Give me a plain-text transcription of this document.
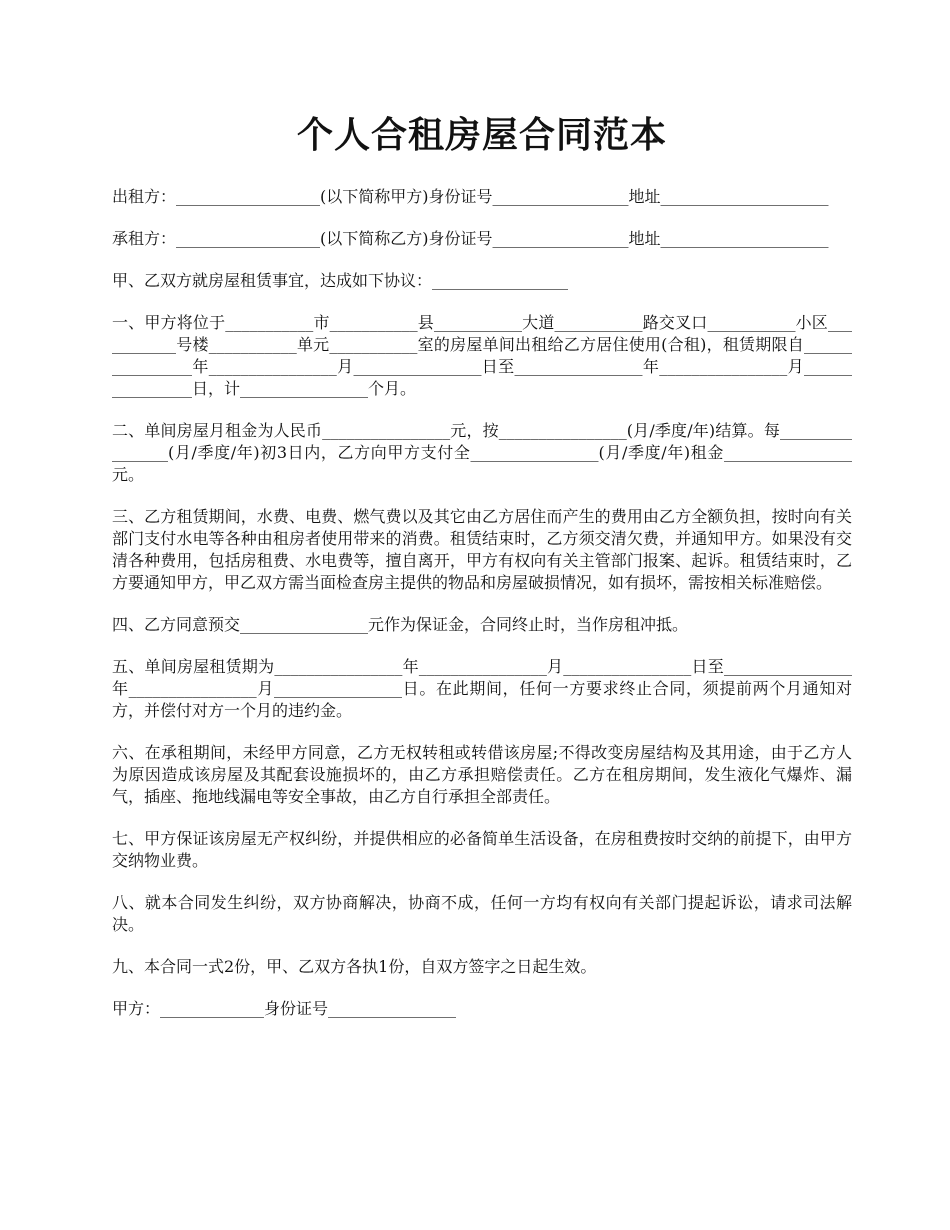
个人合租房屋合同范本

出租方：__________________(以下简称甲方)身份证号_________________地址_____________________

承租方：__________________(以下简称乙方)身份证号_________________地址_____________________

甲、乙双方就房屋租赁事宜，达成如下协议：_________________

一、甲方将位于___________市___________县___________大道___________路交叉口___________小区___________号楼___________单元___________室的房屋单间出租给乙方居住使用(合租)，租赁期限自________________年________________月________________日至________________年________________月________________日，计________________个月。

二、单间房屋月租金为人民币________________元，按________________(月/季度/年)结算。每________________(月/季度/年)初3日内，乙方向甲方支付全________________(月/季度/年)租金________________元。

三、乙方租赁期间，水费、电费、燃气费以及其它由乙方居住而产生的费用由乙方全额负担，按时向有关部门支付水电等各种由租房者使用带来的消费。租赁结束时，乙方须交清欠费，并通知甲方。如果没有交清各种费用，包括房租费、水电费等，擅自离开，甲方有权向有关主管部门报案、起诉。租赁结束时，乙方要通知甲方，甲乙双方需当面检查房主提供的物品和房屋破损情况，如有损坏，需按相关标准赔偿。

四、乙方同意预交________________元作为保证金，合同终止时，当作房租冲抵。

五、单间房屋租赁期为________________年________________月________________日至________________年________________月________________日。在此期间，任何一方要求终止合同，须提前两个月通知对方，并偿付对方一个月的违约金。

六、在承租期间，未经甲方同意，乙方无权转租或转借该房屋;不得改变房屋结构及其用途，由于乙方人为原因造成该房屋及其配套设施损坏的，由乙方承担赔偿责任。乙方在租房期间，发生液化气爆炸、漏气，插座、拖地线漏电等安全事故，由乙方自行承担全部责任。

七、甲方保证该房屋无产权纠纷，并提供相应的必备简单生活设备，在房租费按时交纳的前提下，由甲方交纳物业费。

八、就本合同发生纠纷，双方协商解决，协商不成，任何一方均有权向有关部门提起诉讼，请求司法解决。

九、本合同一式2份，甲、乙双方各执1份，自双方签字之日起生效。

甲方：_____________身份证号________________
